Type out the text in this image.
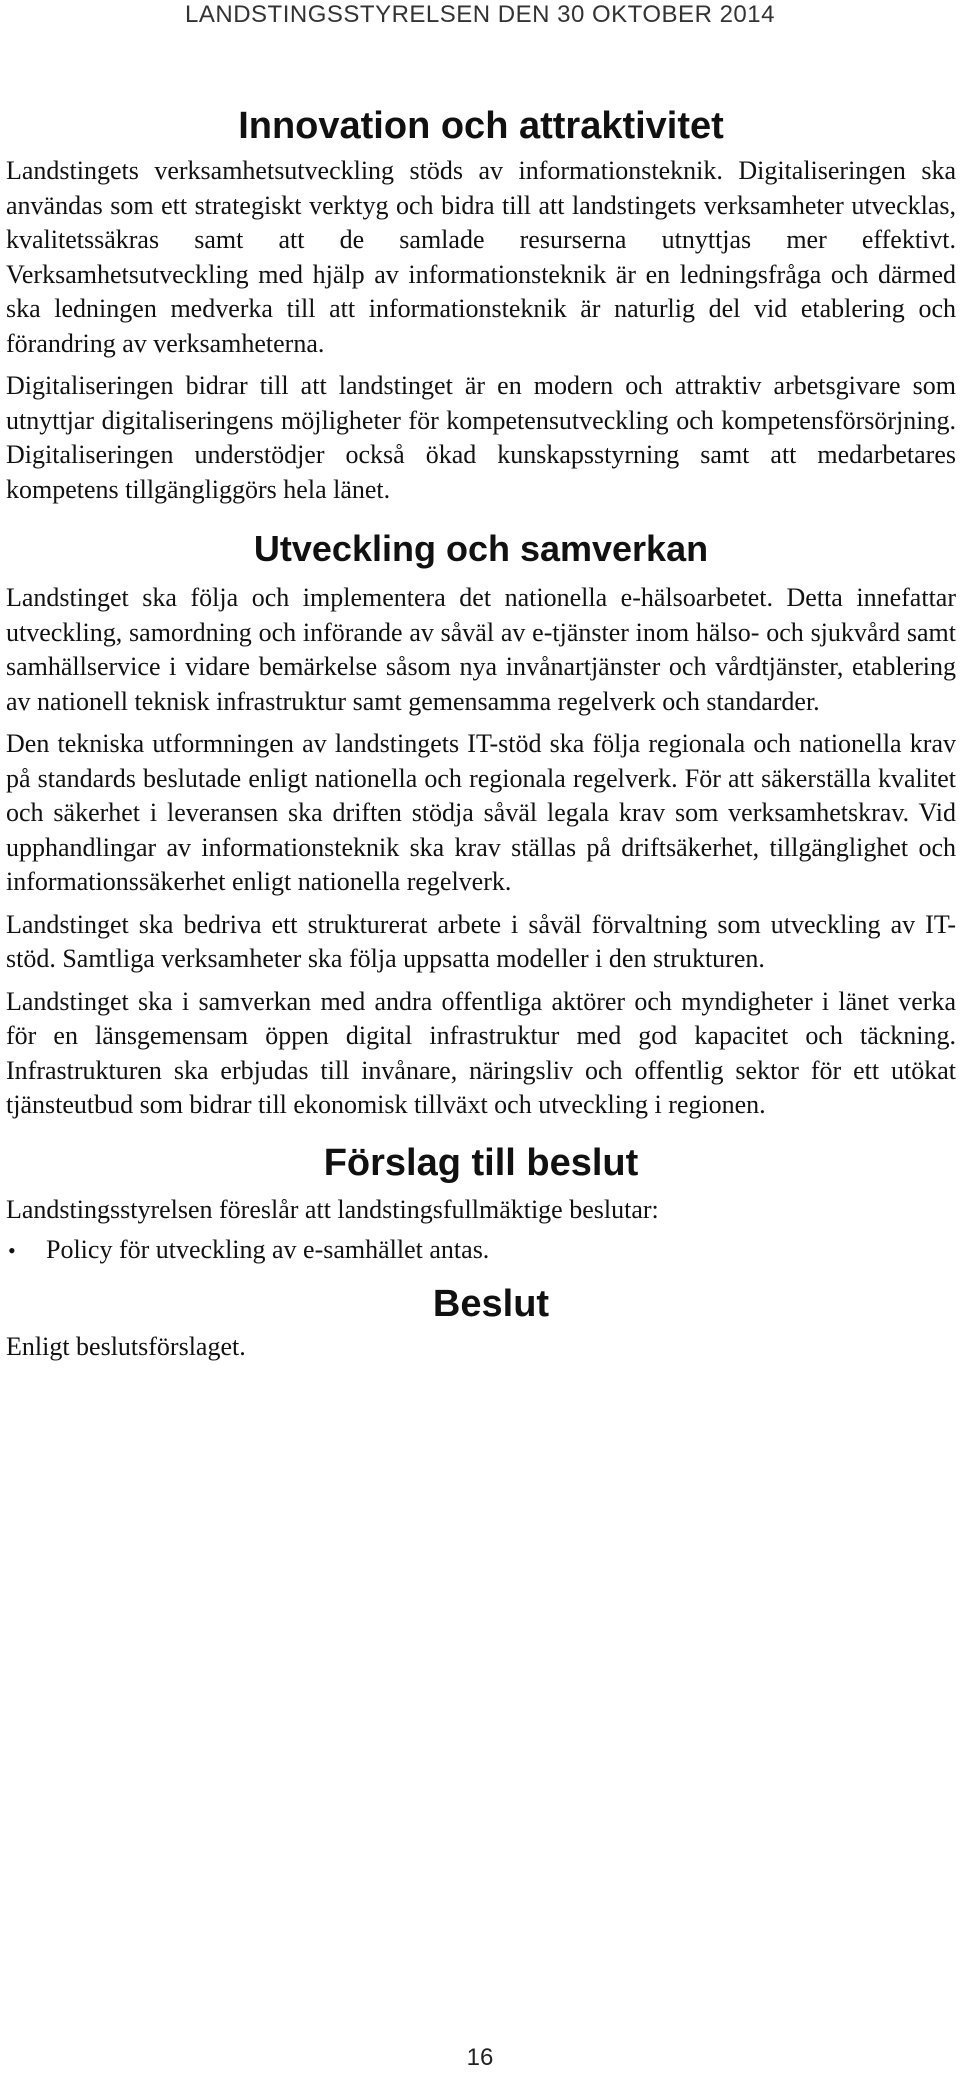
LANDSTINGSSTYRELSEN DEN 30 OKTOBER 2014
Innovation och attraktivitet

Landstingets verksamhetsutveckling stöds av informationsteknik. Digitaliseringen ska användas som ett strategiskt verktyg och bidra till att landstingets verksamheter utvecklas, kvalitetssäkras samt att de samlade resurserna utnyttjas mer effektivt. Verksamhetsutveckling med hjälp av informationsteknik är en ledningsfråga och därmed ska ledningen medverka till att informationsteknik är naturlig del vid etablering och förandring av verksamheterna.

Digitaliseringen bidrar till att landstinget är en modern och attraktiv arbetsgivare som utnyttjar digitaliseringens möjligheter för kompetensutveckling och kompetensförsörjning. Digitaliseringen understödjer också ökad kunskapsstyrning samt att medarbetares kompetens tillgängliggörs hela länet.

Utveckling och samverkan

Landstinget ska följa och implementera det nationella e-hälsoarbetet. Detta innefattar utveckling, samordning och införande av såväl av e-tjänster inom hälso- och sjukvård samt samhällservice i vidare bemärkelse såsom nya invånartjänster och vårdtjänster, etablering av nationell teknisk infrastruktur samt gemensamma regelverk och standarder.

Den tekniska utformningen av landstingets IT-stöd ska följa regionala och nationella krav på standards beslutade enligt nationella och regionala regelverk. För att säkerställa kvalitet och säkerhet i leveransen ska driften stödja såväl legala krav som verksamhetskrav. Vid upphandlingar av informationsteknik ska krav ställas på driftsäkerhet, tillgänglighet och informationssäkerhet enligt nationella regelverk.

Landstinget ska bedriva ett strukturerat arbete i såväl förvaltning som utveckling av IT-stöd. Samtliga verksamheter ska följa uppsatta modeller i den strukturen.

Landstinget ska i samverkan med andra offentliga aktörer och myndigheter i länet verka för en länsgemensam öppen digital infrastruktur med god kapacitet och täckning. Infrastrukturen ska erbjudas till invånare, näringsliv och offentlig sektor för ett utökat tjänsteutbud som bidrar till ekonomisk tillväxt och utveckling i regionen.

Förslag till beslut

Landstingsstyrelsen föreslår att landstingsfullmäktige beslutar:

•	Policy för utveckling av e-samhället antas.
Beslut

Enligt beslutsförslaget.

16
